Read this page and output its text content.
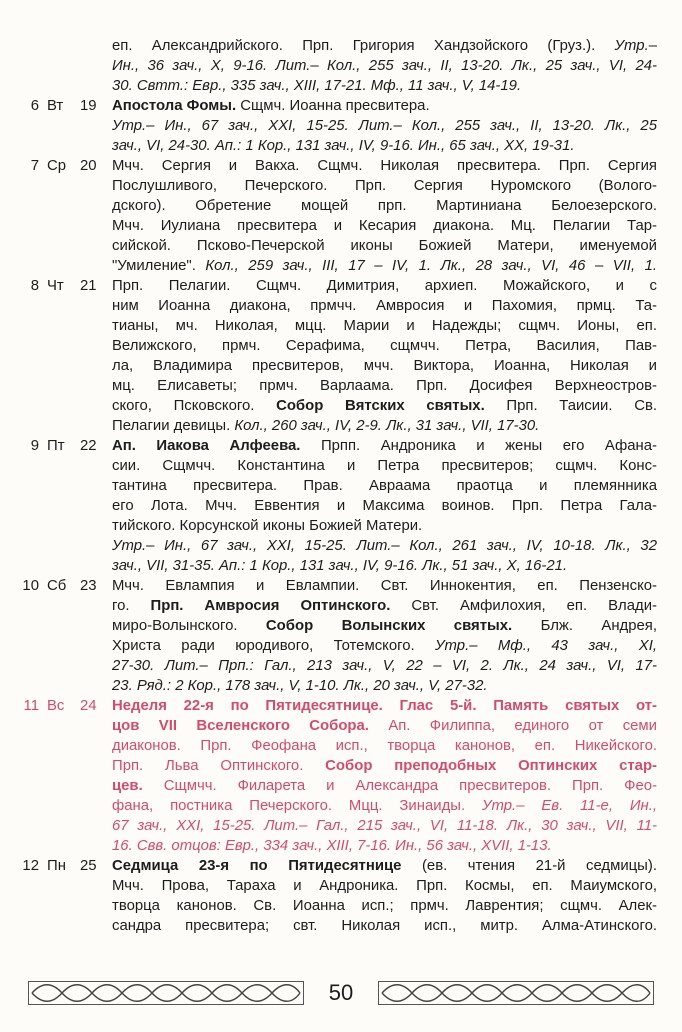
еп. Александрийского. Прп. Григория Хандзойского (Груз.). Утр.–
Ин., 36 зач., X, 9-16. Лит.– Кол., 255 зач., II, 13-20. Лк., 25 зач., VI, 24-
30. Свтт.: Евр., 335 зач., XIII, 17-21. Мф., 11 зач., V, 14-19.
6 Вт 19 Апостола Фомы. Сщмч. Иоанна пресвитера.
Утр.– Ин., 67 зач., XXI, 15-25. Лит.– Кол., 255 зач., II, 13-20. Лк., 25
зач., VI, 24-30. Ап.: 1 Кор., 131 зач., IV, 9-16. Ин., 65 зач., XX, 19-31.
7 Ср 20 Мчч. Сергия и Вакха. Сщмч. Николая пресвитера. Прп. Сергия
Послушливого, Печерского. Прп. Сергия Нуромского (Волого-
дского). Обретение мощей прп. Мартиниана Белоезерского.
Мчч. Иулиана пресвитера и Кесария диакона. Мц. Пелагии Тар-
сийской. Псково-Печерской иконы Божией Матери, именуемой
"Умиление". Кол., 259 зач., III, 17 – IV, 1. Лк., 28 зач., VI, 46 – VII, 1.
8 Чт 21 Прп. Пелагии. Сщмч. Димитрия, архиеп. Можайского, и с
ним Иоанна диакона, прмчч. Амвросия и Пахомия, прмц. Та-
тианы, мч. Николая, мцц. Марии и Надежды; сщмч. Ионы, еп.
Велижского, прмч. Серафима, сщмчч. Петра, Василия, Пав-
ла, Владимира пресвитеров, мчч. Виктора, Иоанна, Николая и
мц. Елисаветы; прмч. Варлаама. Прп. Досифея Верхнеостров-
ского, Псковского. Собор Вятских святых. Прп. Таисии. Св.
Пелагии девицы. Кол., 260 зач., IV, 2-9. Лк., 31 зач., VII, 17-30.
9 Пт 22 Ап. Иакова Алфеева. Прпп. Андроника и жены его Афана-
сии. Сщмчч. Константина и Петра пресвитеров; сщмч. Конс-
тантина пресвитера. Прав. Авраама праотца и племянника
его Лота. Мчч. Еввентия и Максима воинов. Прп. Петра Гала-
тийского. Корсунской иконы Божией Матери.
Утр.– Ин., 67 зач., XXI, 15-25. Лит.– Кол., 261 зач., IV, 10-18. Лк., 32
зач., VII, 31-35. Ап.: 1 Кор., 131 зач., IV, 9-16. Лк., 51 зач., X, 16-21.
10 Сб 23 Мчч. Евлампия и Евлампии. Свт. Иннокентия, еп. Пензенско-
го. Прп. Амвросия Оптинского. Свт. Амфилохия, еп. Влади-
миро-Волынского. Собор Волынских святых. Блж. Андрея,
Христа ради юродивого, Тотемского. Утр.– Мф., 43 зач., XI,
27-30. Лит.– Прп.: Гал., 213 зач., V, 22 – VI, 2. Лк., 24 зач., VI, 17-
23. Ряд.: 2 Кор., 178 зач., V, 1-10. Лк., 20 зач., V, 27-32.
11 Вс 24 Неделя 22-я по Пятидесятнице. Глас 5-й. Память святых от-
цов VII Вселенского Собора. Ап. Филиппа, единого от семи
диаконов. Прп. Феофана исп., творца канонов, еп. Никейского.
Прп. Льва Оптинского. Собор преподобных Оптинских стар-
цев. Сщмчч. Филарета и Александра пресвитеров. Прп. Фео-
фана, постника Печерского. Мцц. Зинаиды. Утр.– Ев. 11-е, Ин.,
67 зач., XXI, 15-25. Лит.– Гал., 215 зач., VI, 11-18. Лк., 30 зач., VII, 11-
16. Свв. отцов: Евр., 334 зач., XIII, 7-16. Ин., 56 зач., XVII, 1-13.
12 Пн 25 Седмица 23-я по Пятидесятнице (ев. чтения 21-й седмицы).
Мчч. Прова, Тараха и Андроника. Прп. Космы, еп. Маиумского,
творца канонов. Св. Иоанна исп.; прмч. Лаврентия; сщмч. Алек-
сандра пресвитера; свт. Николая исп., митр. Алма-Атинского.
50
